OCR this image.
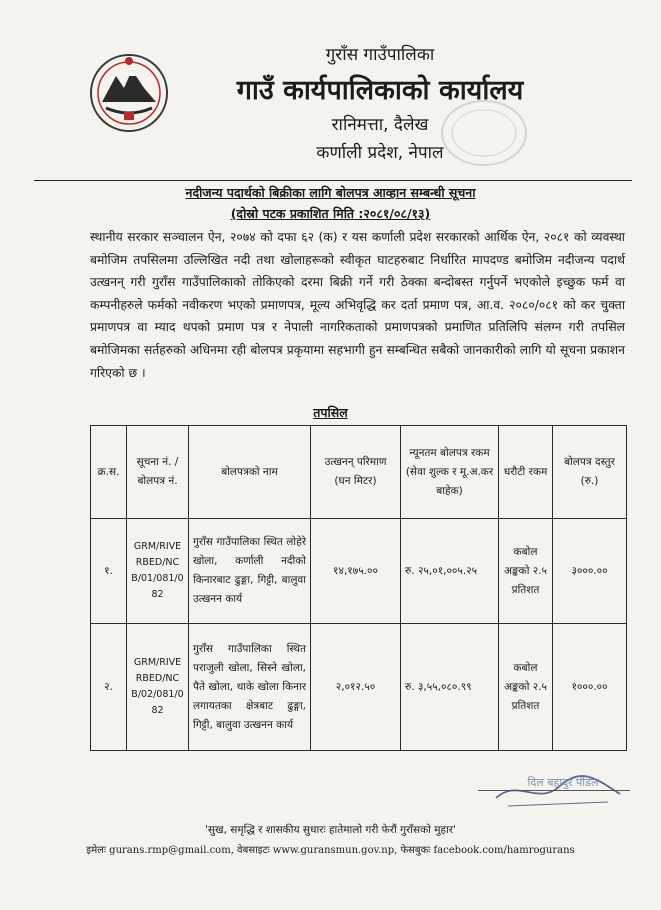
गुराँस गाउँपालिका
गाउँ कार्यपालिकाको कार्यालय
रानिमत्ता, दैलेख
कर्णाली प्रदेश, नेपाल
नदीजन्य पदार्थको बिक्रीका लागि बोलपत्र आव्हान सम्बन्धी सूचना
(दोस्रो पटक प्रकाशित मिति :२०८१/०८/१३)
स्थानीय सरकार सञ्चालन ऐन, २०७४ को दफा ६२ (क) र यस कर्णाली प्रदेश सरकारको आर्थिक ऐन, २०८१ को व्यवस्था बमोजिम तपसिलमा उल्लिखित नदी तथा खोलाहरूको स्वीकृत घाटहरुबाट निर्धारित मापदण्ड बमोजिम नदीजन्य पदार्थ उत्खनन् गरी गुराँस गाउँपालिकाको तोकिएको दरमा बिक्री गर्ने गरी ठेक्का बन्दोबस्त गर्नुपर्ने भएकोले इच्छुक फर्म वा कम्पनीहरुले फर्मको नवीकरण भएको प्रमाणपत्र, मूल्य अभिवृद्धि कर दर्ता प्रमाण पत्र, आ.व. २०८०/०८१ को कर चुक्ता प्रमाणपत्र वा म्याद थपको प्रमाण पत्र र नेपाली नागरिकताको प्रमाणपत्रको प्रमाणित प्रतिलिपि संलग्न गरी तपसिल बमोजिमका सर्तहरुको अधिनमा रही बोलपत्र प्रकृयामा सहभागी हुन सम्बन्धित सबैको जानकारीको लागि यो सूचना प्रकाशन गरिएको छ ।
तपसिल
क्र.स.	सूचना नं. /बोलपत्र नं.	बोलपत्रको नाम	उत्खनन् परिमाण (घन मिटर)	न्यूनतम बोलपत्र रकम (सेवा शुल्क र मू.अ.कर बाहेक)	धरौटी रकम	बोलपत्र दस्तुर (रु.)
१.	GRM/RIVERBED/NCB/01/081/082	गुराँस गाउँपालिका स्थित लोहेरे खोला, कर्णाली नदीको किनारबाट ढुङ्गा, गिट्टी, बालुवा उत्खनन कार्य	१४,१७५.००	रु. २५,०१,००५.२५	कबोल अङ्कको २.५ प्रतिशत	३०००.००
२.	GRM/RIVERBED/NCB/02/081/082	गुराँस गाउँपालिका स्थित पराजुली खोला, सिस्ने खोला, पैते खोला, थाके खोला किनार लगायतका क्षेत्रबाट ढुङ्गा, गिट्टी, बालुवा उत्खनन कार्य	२,०१२.५०	रु. ३,५५,०८०.९९	कबोल अङ्कको २.५ प्रतिशत	१०००.००
दिल बहादुर पौडेल
'सुख, समृद्धि र शासकीय सुधारः हातेमालो गरी फेरौं गुराँसको मुहार'
इमेलः gurans.rmp@gmail.com, वेबसाइटः www.guransmun.gov.np, फेसबुकः facebook.com/hamrogurans
